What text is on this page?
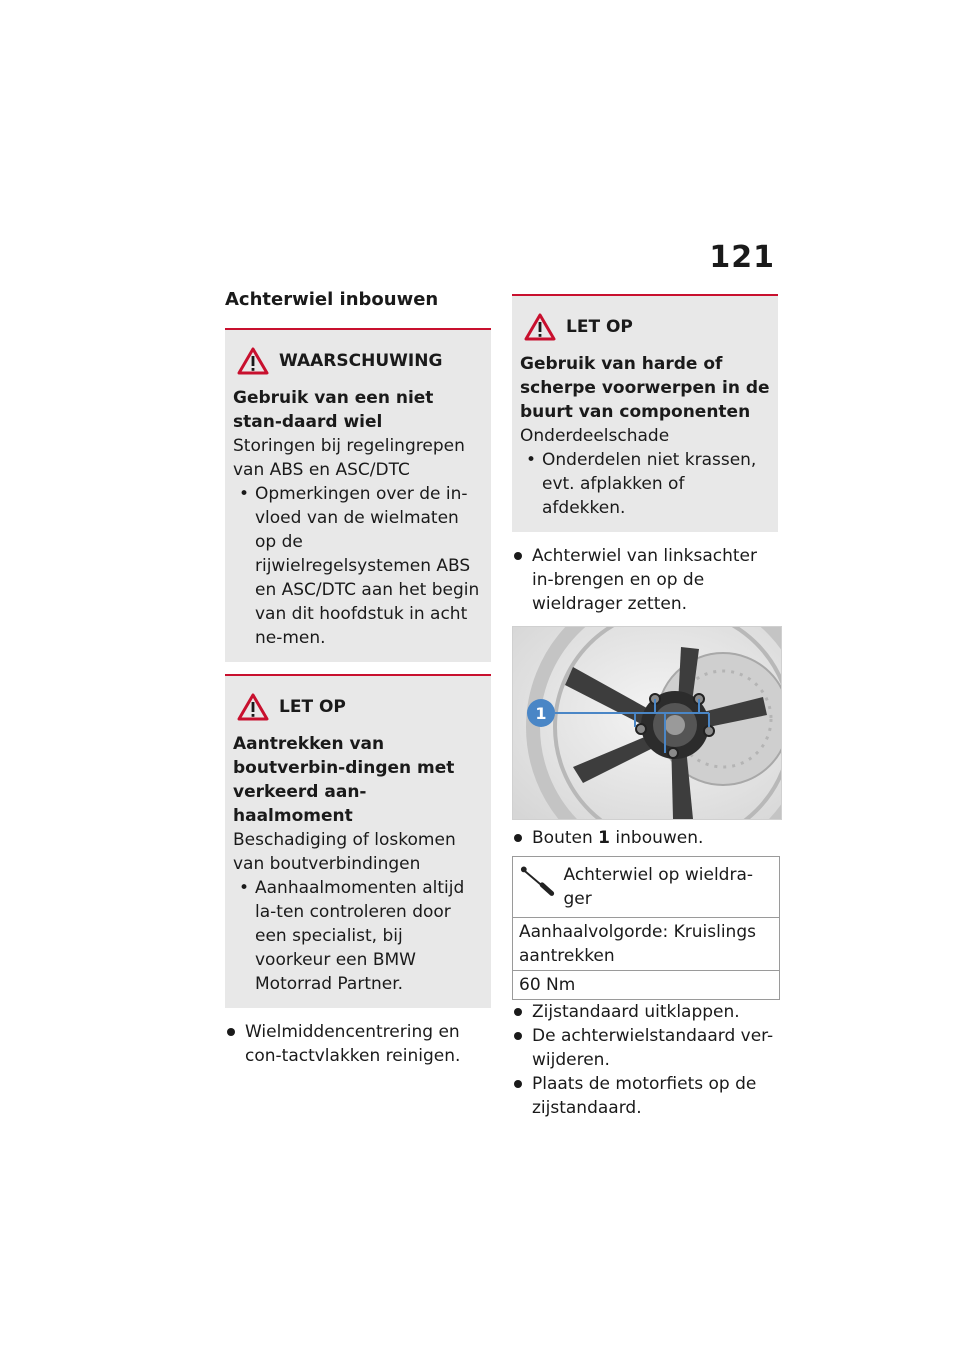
121
Achterwiel inbouwen
WAARSCHUWING
Gebruik van een niet stan-daard wiel
Storingen bij regelingrepen van ABS en ASC/DTC
• Opmerkingen over de in-vloed van de wielmaten op de rijwielregelsystemen ABS en ASC/DTC aan het begin van dit hoofdstuk in acht ne-men.
LET OP
Aantrekken van boutverbin-dingen met verkeerd aan-haalmoment
Beschadiging of loskomen van boutverbindingen
• Aanhaalmomenten altijd la-ten controleren door een specialist, bij voorkeur een BMW Motorrad Partner.
Wielmiddencentrering en con-tactvlakken reinigen.
LET OP
Gebruik van harde of scherpe voorwerpen in de buurt van componenten
Onderdeelschade
• Onderdelen niet krassen, evt. afplakken of afdekken.
Achterwiel van linksachter in-brengen en op de wieldrager zetten.
1
Bouten 1 inbouwen.
Achterwiel op wieldra-ger

Aanhaalvolgorde: Kruislings aantrekken
60 Nm
Zijstandaard uitklappen.
De achterwielstandaard ver-wijderen.
Plaats de motorfiets op de zijstandaard.
